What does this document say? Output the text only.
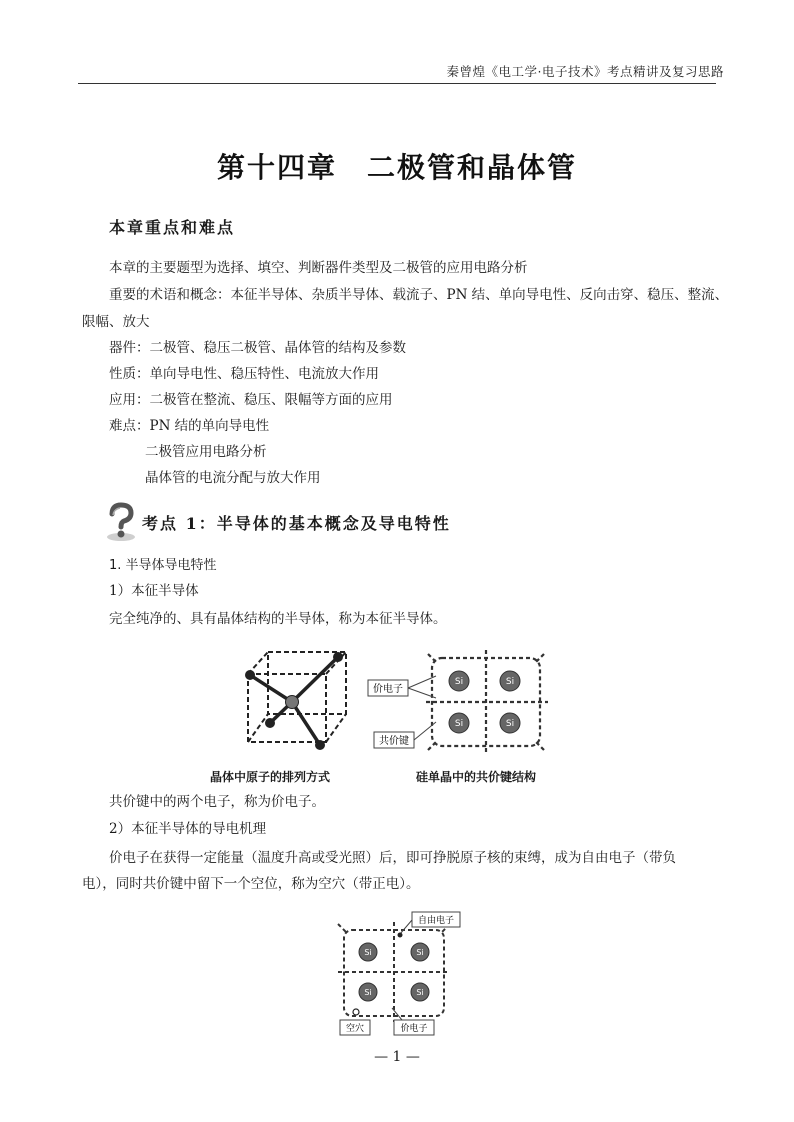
秦曾煌《电工学·电子技术》考点精讲及复习思路
第十四章　二极管和晶体管
本章重点和难点
本章的主要题型为选择、填空、判断器件类型及二极管的应用电路分析
重要的术语和概念：本征半导体、杂质半导体、载流子、PN 结、单向导电性、反向击穿、稳压、整流、
限幅、放大
器件：二极管、稳压二极管、晶体管的结构及参数
性质：单向导电性、稳压特性、电流放大作用
应用：二极管在整流、稳压、限幅等方面的应用
难点：PN 结的单向导电性
二极管应用电路分析
晶体管的电流分配与放大作用
考点 1：半导体的基本概念及导电特性
1. 半导体导电特性
1）本征半导体
完全纯净的、具有晶体结构的半导体，称为本征半导体。
Si	Si
Si	Si
价电子
共价键
晶体中原子的排列方式	硅单晶中的共价键结构
共价键中的两个电子，称为价电子。
2）本征半导体的导电机理
价电子在获得一定能量（温度升高或受光照）后，即可挣脱原子核的束缚，成为自由电子（带负
电），同时共价键中留下一个空位，称为空穴（带正电）。
Si	Si
Si	Si
自由电子
空穴	价电子
— 1 —
